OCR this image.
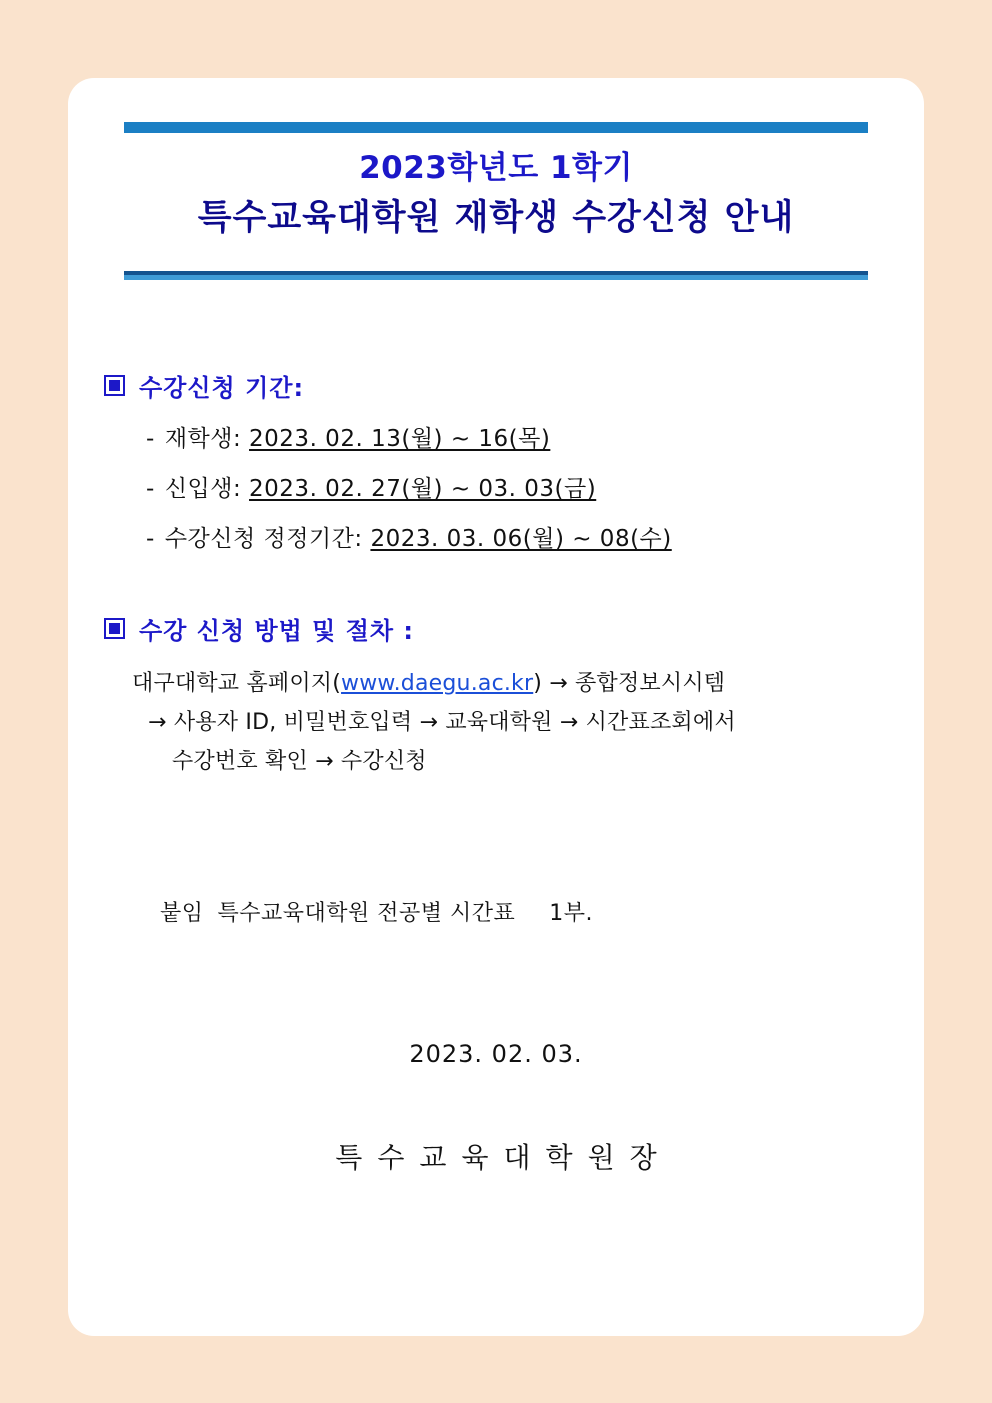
2023학년도 1학기
특수교육대학원 재학생 수강신청 안내
수강신청 기간:
- 재학생: 2023. 02. 13(월) ~ 16(목)
- 신입생: 2023. 02. 27(월) ~ 03. 03(금)
- 수강신청 정정기간: 2023. 03. 06(월) ~ 08(수)
수강 신청 방법 및 절차 :
대구대학교 홈페이지(www.daegu.ac.kr) → 종합정보시시템
→ 사용자 ID, 비밀번호입력 → 교육대학원 → 시간표조회에서
수강번호 확인 → 수강신청
붙임 특수교육대학원 전공별 시간표 1부.
2023. 02. 03.
특수교육대학원장
